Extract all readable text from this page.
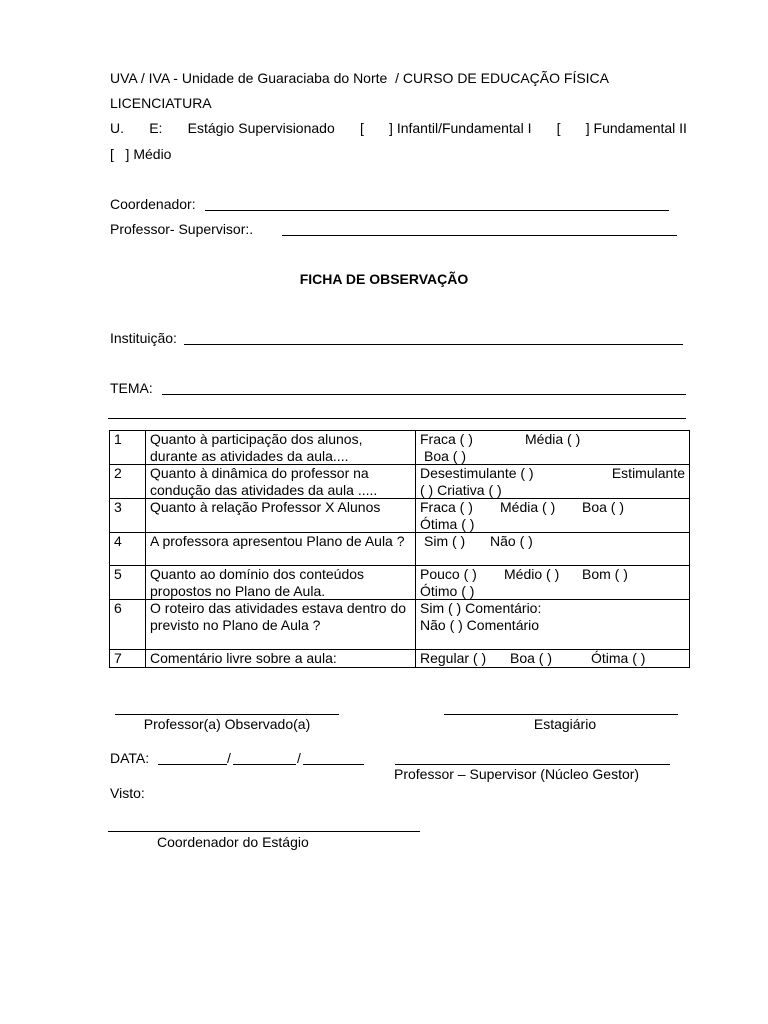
UVA / IVA - Unidade de Guaraciaba do Norte  / CURSO DE EDUCAÇÃO FÍSICA
LICENCIATURA
U. E: Estágio Supervisionado [ ] Infantil/Fundamental I [ ] Fundamental II
[   ] Médio
Coordenador:
Professor- Supervisor:.
FICHA DE OBSERVAÇÃO
Instituição:
TEMA:
1	Quanto à participação dos alunos, durante as atividades da aula....	Fraca ( ) Média ( )
Boa ( )

2	Quanto à dinâmica do professor na condução das atividades da aula .....	Desestimulante ( ) Estimulante
( ) Criativa ( )

3	Quanto à relação Professor X Alunos	Fraca ( ) Média ( ) Boa ( )
Ótima ( )

4	A professora apresentou Plano de Aula ?	Sim ( ) Não ( )

5	Quanto ao domínio dos conteúdos propostos no Plano de Aula.	Pouco ( ) Médio ( ) Bom ( )
Ótimo ( )

6	O roteiro das atividades estava dentro do previsto no Plano de Aula ?	Sim ( ) Comentário:
Não ( ) Comentário

7	Comentário livre sobre a aula:	Regular ( ) Boa ( ) Ótima ( )
Professor(a) Observado(a)	Estagiário
DATA:	/	/
Professor – Supervisor (Núcleo Gestor)
Visto:
Coordenador do Estágio
